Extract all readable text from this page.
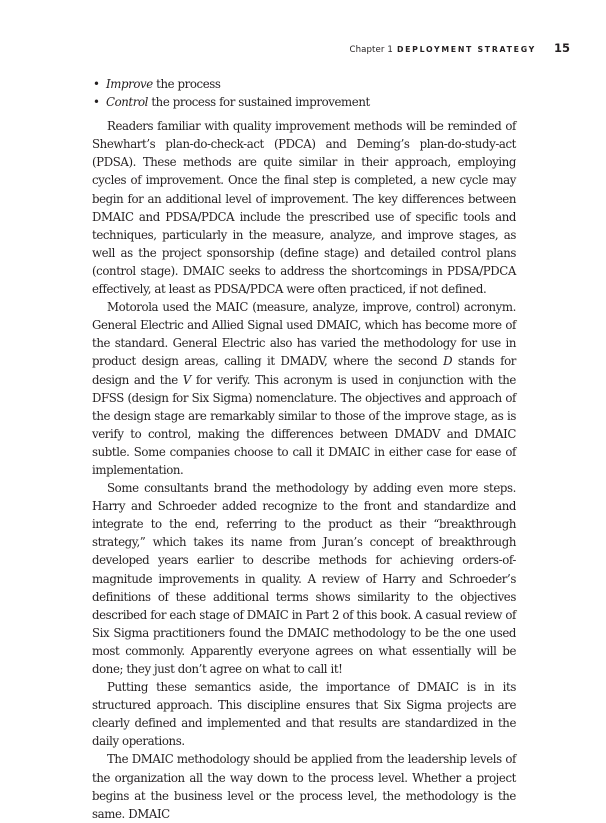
Chapter 1 DEPLOYMENT STRATEGY 15
• Improve the process
• Control the process for sustained improvement

Readers familiar with quality improvement methods will be reminded of Shewhart’s plan-do-check-act (PDCA) and Deming’s plan-do-study-act (PDSA). These methods are quite similar in their approach, employing cycles of improvement. Once the final step is completed, a new cycle may begin for an additional level of improvement. The key differences between DMAIC and PDSA/PDCA include the prescribed use of specific tools and techniques, particularly in the measure, analyze, and improve stages, as well as the project sponsorship (define stage) and detailed control plans (control stage). DMAIC seeks to address the shortcomings in PDSA/PDCA effectively, at least as PDSA/PDCA were often practiced, if not defined.

Motorola used the MAIC (measure, analyze, improve, control) acronym. General Electric and Allied Signal used DMAIC, which has become more of the standard. General Electric also has varied the methodology for use in product design areas, calling it DMADV, where the second D stands for design and the V for verify. This acronym is used in conjunction with the DFSS (design for Six Sigma) nomenclature. The objectives and approach of the design stage are remarkably similar to those of the improve stage, as is verify to control, making the differences between DMADV and DMAIC subtle. Some companies choose to call it DMAIC in either case for ease of implementation.

Some consultants brand the methodology by adding even more steps. Harry and Schroeder added recognize to the front and standardize and integrate to the end, referring to the product as their “breakthrough strategy,” which takes its name from Juran’s concept of breakthrough developed years earlier to describe methods for achieving orders-of-magnitude improvements in quality. A review of Harry and Schroeder’s definitions of these additional terms shows similarity to the objectives described for each stage of DMAIC in Part 2 of this book. A casual review of Six Sigma practitioners found the DMAIC methodology to be the one used most commonly. Apparently everyone agrees on what essentially will be done; they just don’t agree on what to call it!

Putting these semantics aside, the importance of DMAIC is in its structured approach. This discipline ensures that Six Sigma projects are clearly defined and implemented and that results are standardized in the daily operations.

The DMAIC methodology should be applied from the leadership levels of the organization all the way down to the process level. Whether a project begins at the business level or the process level, the methodology is the same. DMAIC
